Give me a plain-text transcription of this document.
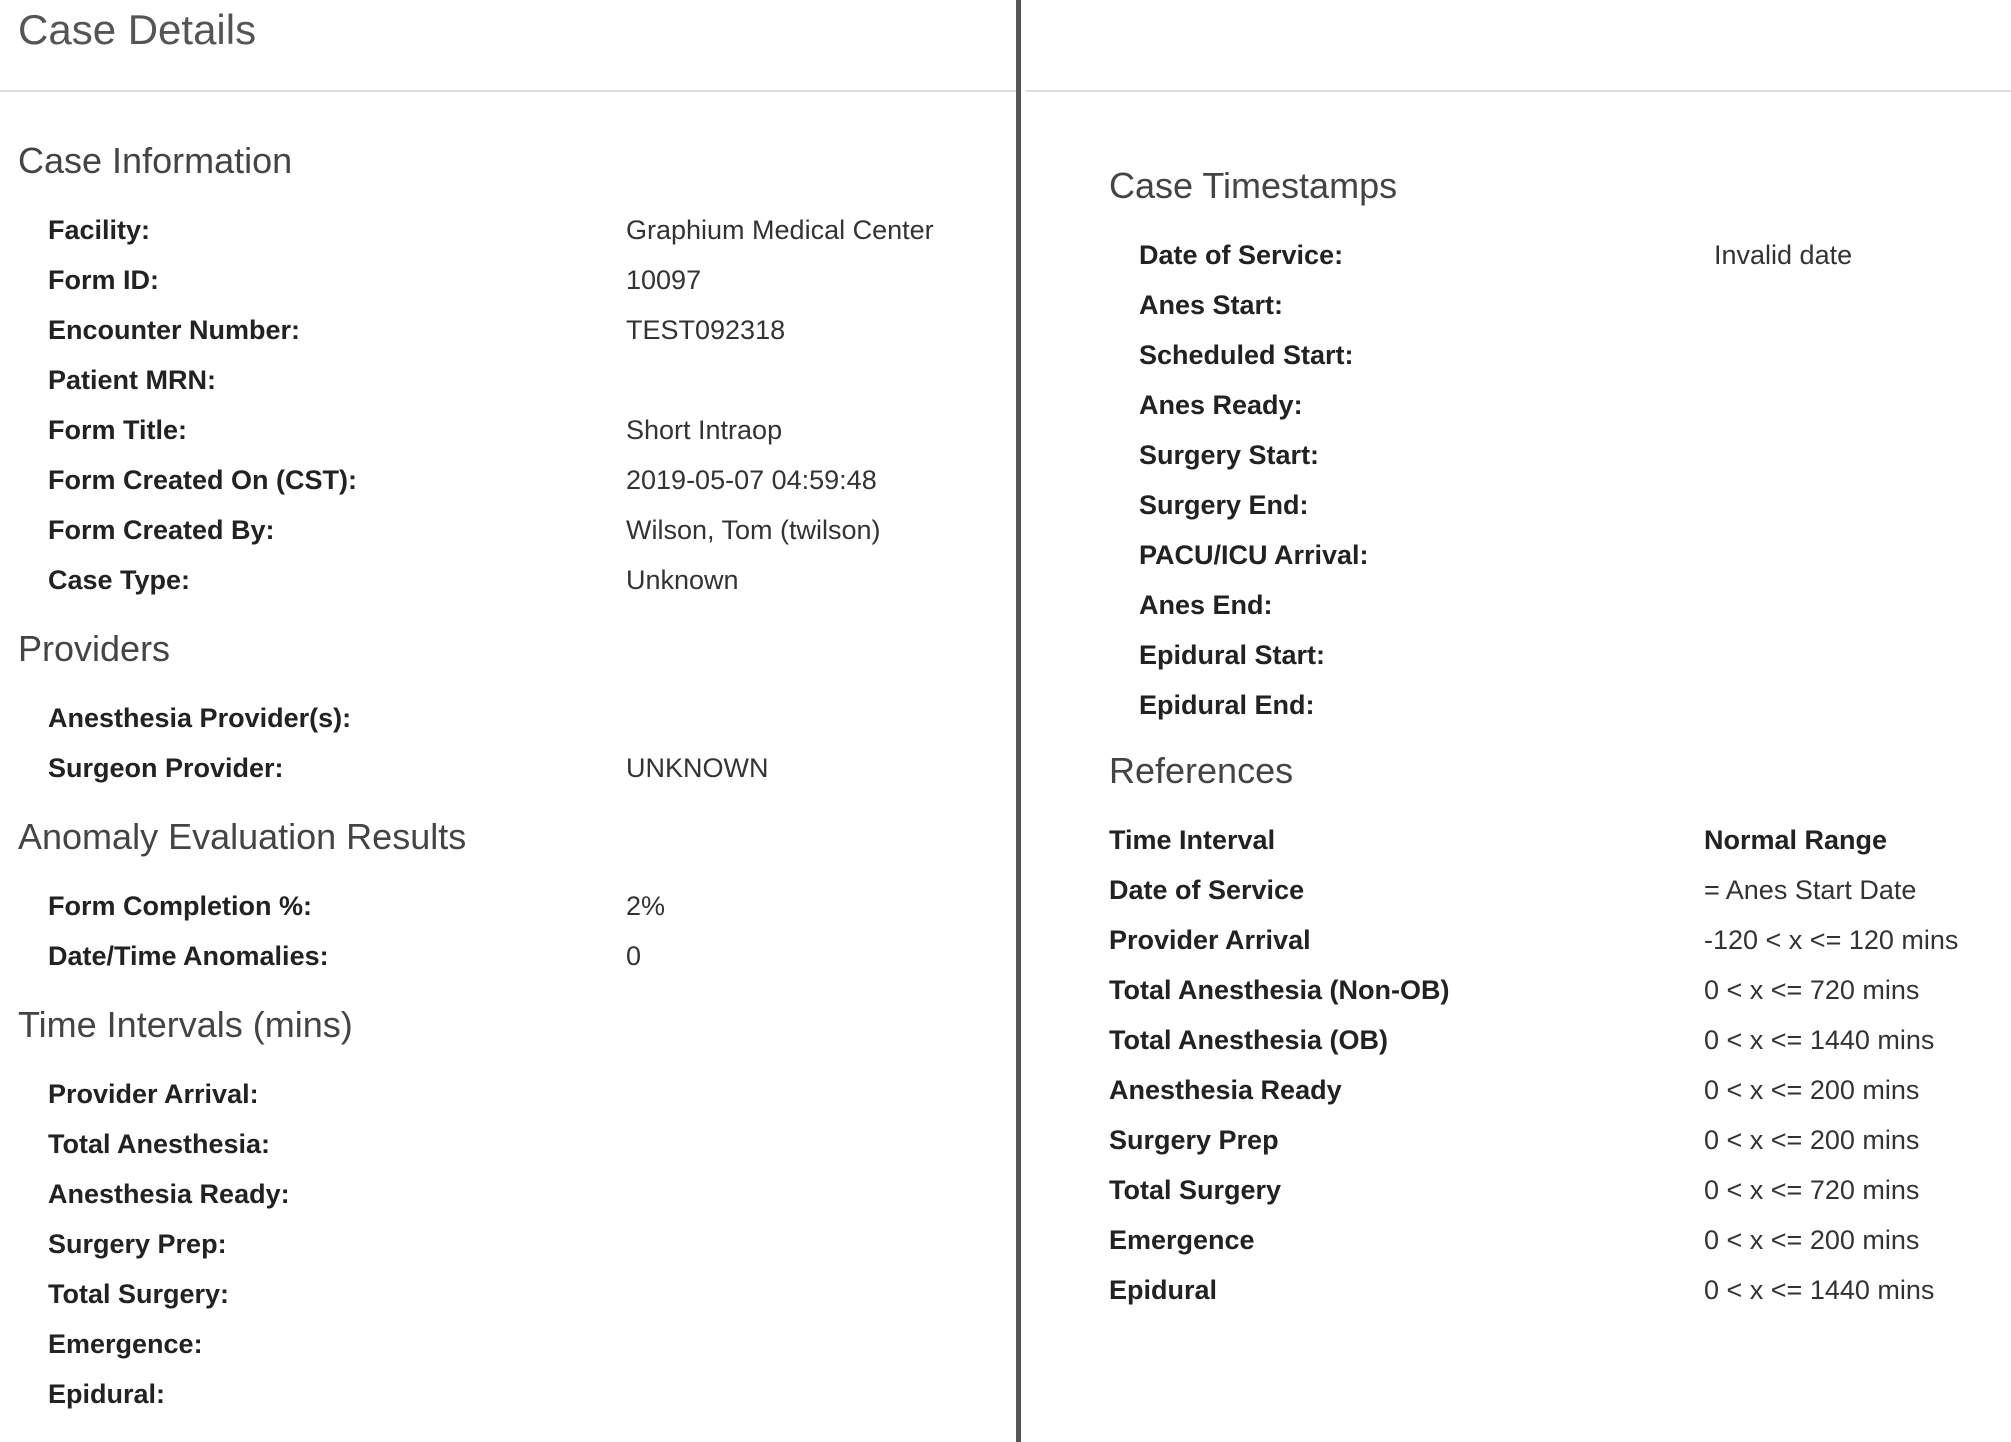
Case Details
Case Information
Facility:	Graphium Medical Center
Form ID:	10097
Encounter Number:	TEST092318
Patient MRN:
Form Title:	Short Intraop
Form Created On (CST):	2019-05-07 04:59:48
Form Created By:	Wilson, Tom (twilson)
Case Type:	Unknown
Providers
Anesthesia Provider(s):
Surgeon Provider:	UNKNOWN
Anomaly Evaluation Results
Form Completion %:	2%
Date/Time Anomalies:	0
Time Intervals (mins)
Provider Arrival:
Total Anesthesia:
Anesthesia Ready:
Surgery Prep:
Total Surgery:
Emergence:
Epidural:
Case Timestamps
Date of Service:	Invalid date
Anes Start:
Scheduled Start:
Anes Ready:
Surgery Start:
Surgery End:
PACU/ICU Arrival:
Anes End:
Epidural Start:
Epidural End:
References
Time Interval	Normal Range
Date of Service	= Anes Start Date
Provider Arrival	-120 < x <= 120 mins
Total Anesthesia (Non-OB)	0 < x <= 720 mins
Total Anesthesia (OB)	0 < x <= 1440 mins
Anesthesia Ready	0 < x <= 200 mins
Surgery Prep	0 < x <= 200 mins
Total Surgery	0 < x <= 720 mins
Emergence	0 < x <= 200 mins
Epidural	0 < x <= 1440 mins
